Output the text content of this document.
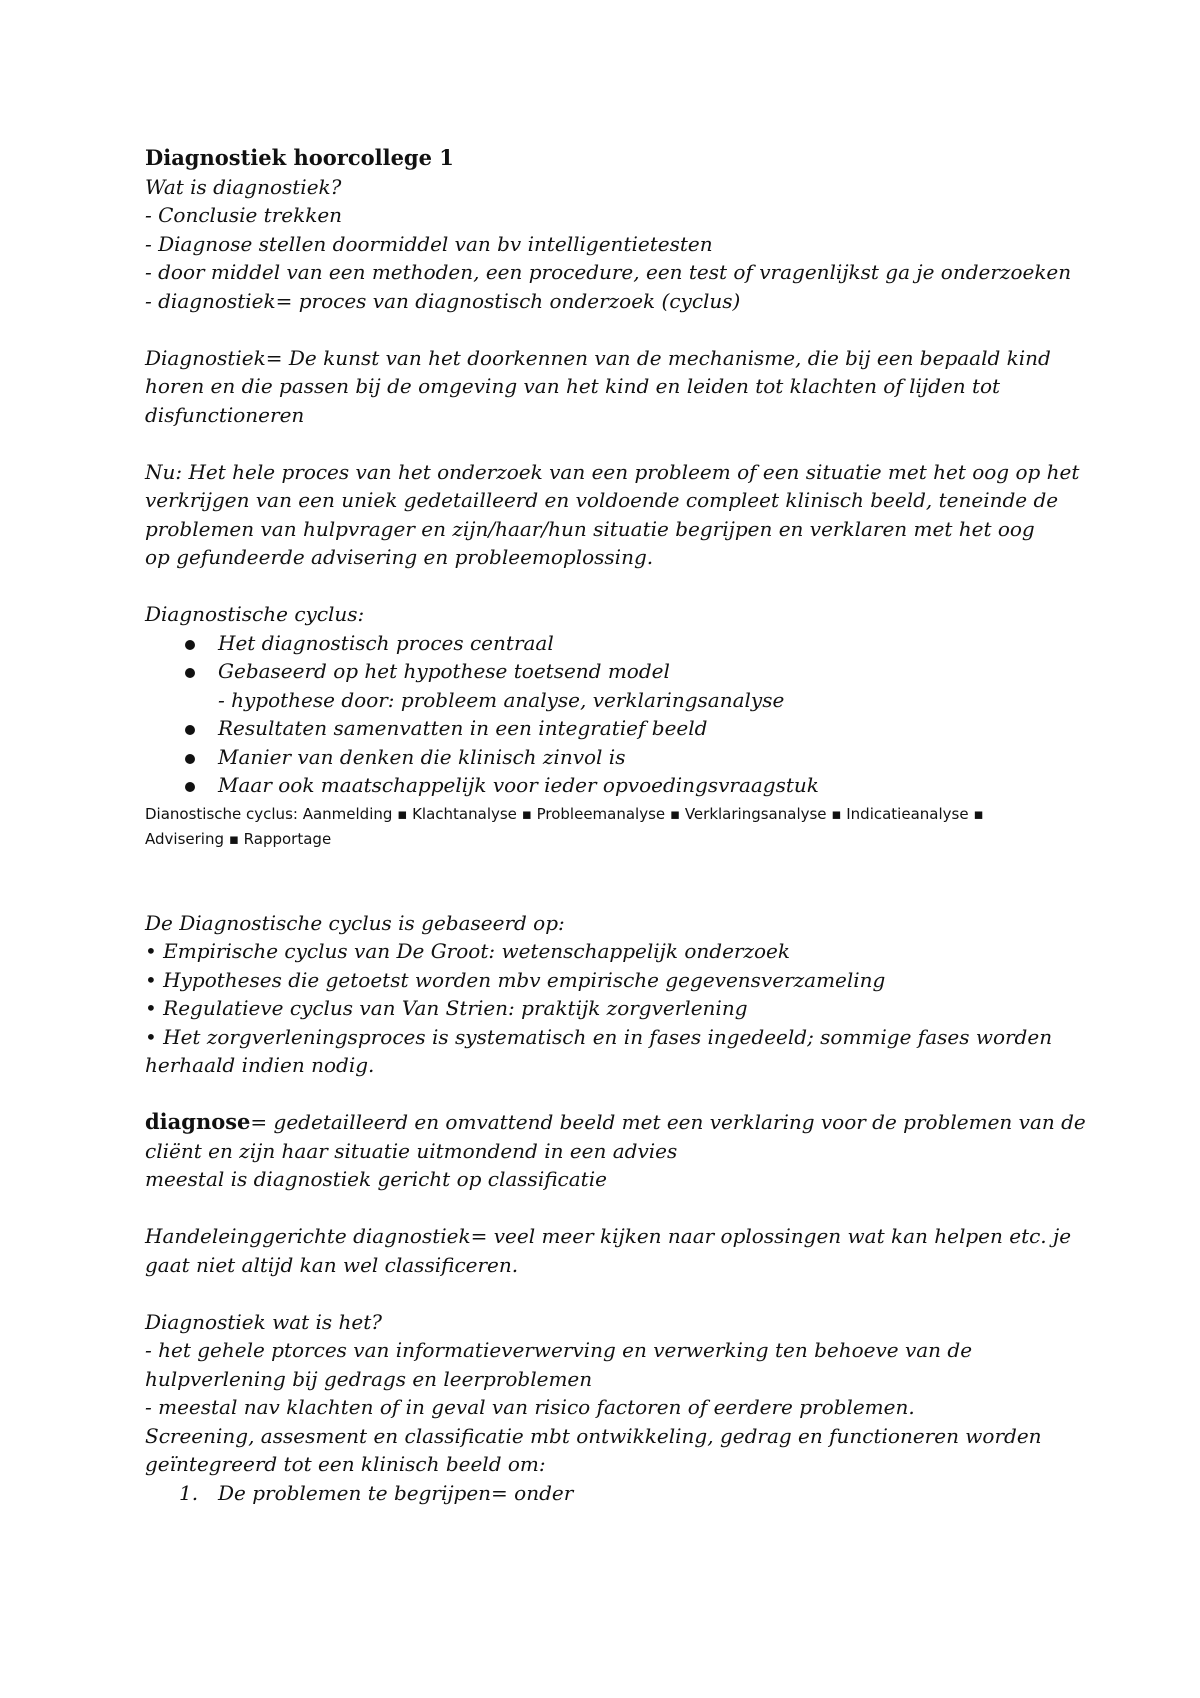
Diagnostiek hoorcollege 1

Wat is diagnostiek?

- Conclusie trekken

- Diagnose stellen doormiddel van bv intelligentietesten

- door middel van een methoden, een procedure, een test of vragenlijkst ga je onderzoeken

- diagnostiek= proces van diagnostisch onderzoek (cyclus)

Diagnostiek= De kunst van het doorkennen van de mechanisme, die bij een bepaald kind

horen en die passen bij de omgeving van het kind en leiden tot klachten of lijden tot

disfunctioneren

Nu: Het hele proces van het onderzoek van een probleem of een situatie met het oog op het

verkrijgen van een uniek gedetailleerd en voldoende compleet klinisch beeld, teneinde de

problemen van hulpvrager en zijn/haar/hun situatie begrijpen en verklaren met het oog

op gefundeerde advisering en probleemoplossing.

Diagnostische cyclus:

Het diagnostisch proces centraal
Gebaseerd op het hypothese toetsend model

- hypothese door: probleem analyse, verklaringsanalyse

Resultaten samenvatten in een integratief beeld
Manier van denken die klinisch zinvol is
Maar ook maatschappelijk voor ieder opvoedingsvraagstuk

Dianostische cyclus: Aanmelding ▪ Klachtanalyse ▪ Probleemanalyse ▪ Verklaringsanalyse ▪ Indicatieanalyse ▪

Advisering ▪ Rapportage

De Diagnostische cyclus is gebaseerd op:

• Empirische cyclus van De Groot: wetenschappelijk onderzoek

• Hypotheses die getoetst worden mbv empirische gegevensverzameling

• Regulatieve cyclus van Van Strien: praktijk zorgverlening

• Het zorgverleningsproces is systematisch en in fases ingedeeld; sommige fases worden

herhaald indien nodig.

diagnose= gedetailleerd en omvattend beeld met een verklaring voor de problemen van de

cliënt en zijn haar situatie uitmondend in een advies

meestal is diagnostiek gericht op classificatie

Handeleinggerichte diagnostiek= veel meer kijken naar oplossingen wat kan helpen etc. je

gaat niet altijd kan wel classificeren.

Diagnostiek wat is het?

- het gehele ptorces van informatieverwerving en verwerking ten behoeve van de

hulpverlening bij gedrags en leerproblemen

- meestal nav klachten of in geval van risico factoren of eerdere problemen.

Screening, assesment en classificatie mbt ontwikkeling, gedrag en functioneren worden

geïntegreerd tot een klinisch beeld om:

1. De problemen te begrijpen= onder
